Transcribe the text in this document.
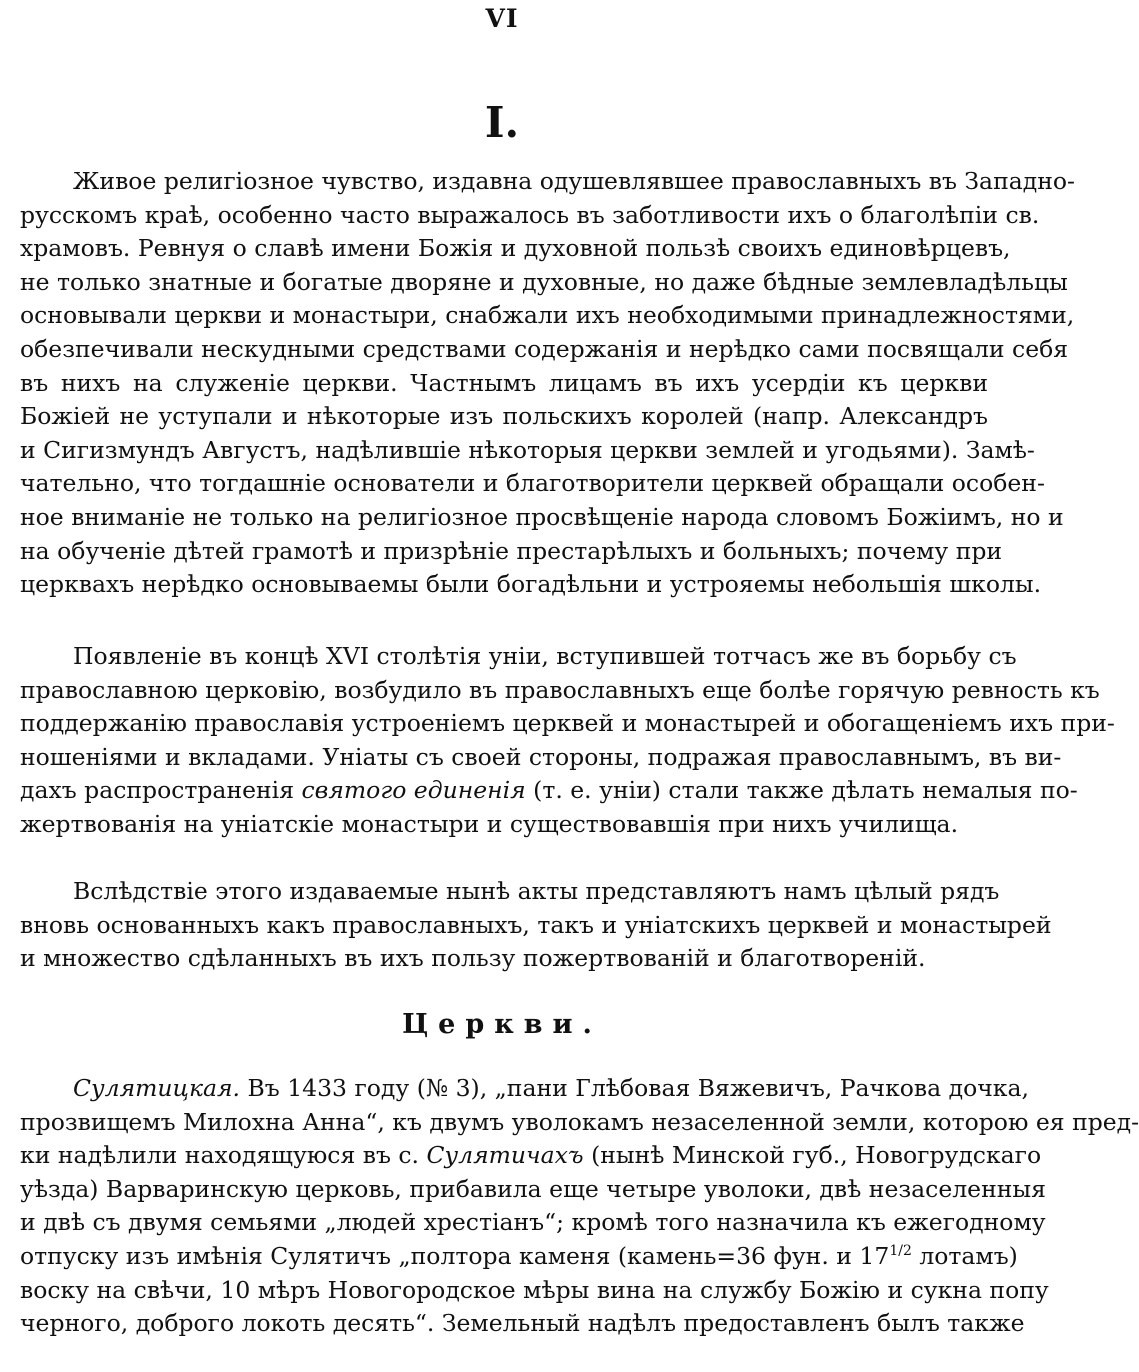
VI
I.
Живое религiозное чувство, издавна одушевлявшее православныхъ въ Западно-
русскомъ краѣ, особенно часто выражалось въ заботливости ихъ о благолѣпiи св.
храмовъ. Ревнуя о славѣ имени Божiя и духовной пользѣ своихъ единовѣрцевъ,
не только знатные и богатые дворяне и духовные, но даже бѣдные землевладѣльцы
основывали церкви и монастыри, снабжали ихъ необходимыми принадлежностями,
обезпечивали нескудными средствами содержанiя и нерѣдко сами посвящали себя
въ нихъ на служенiе церкви. Частнымъ лицамъ въ ихъ усердiи къ церкви
Божiей не уступали и нѣкоторые изъ польскихъ королей (напр. Александръ
и Сигизмундъ Августъ, надѣлившiе нѣкоторыя церкви землей и угодьями). Замѣ-
чательно, что тогдашнiе основатели и благотворители церквей обращали особен-
ное вниманiе не только на религiозное просвѣщенiе народа словомъ Божiимъ, но и
на обученiе дѣтей грамотѣ и призрѣнiе престарѣлыхъ и больныхъ; почему при
церквахъ нерѣдко основываемы были богадѣльни и устрояемы небольшiя школы.
Появленiе въ концѣ XVI столѣтiя унiи, вступившей тотчасъ же въ борьбу съ
православною церковiю, возбудило въ православныхъ еще болѣе горячую ревность къ
поддержанiю православiя устроенiемъ церквей и монастырей и обогащенiемъ ихъ при-
ношенiями и вкладами. Унiаты съ своей стороны, подражая православнымъ, въ ви-
дахъ распространенiя святого единенiя (т. е. унiи) стали также дѣлать немалыя по-
жертвованiя на унiатскiе монастыри и существовавшiя при нихъ училища.
Вслѣдствiе этого издаваемые нынѣ акты представляютъ намъ цѣлый рядъ
вновь основанныхъ какъ православныхъ, такъ и унiатскихъ церквей и монастырей
и множество сдѣланныхъ въ ихъ пользу пожертвованiй и благотворенiй.
Церкви.
Сулятицкая. Въ 1433 году (№ 3), „пани Глѣбовая Вяжевичъ, Рачкова дочка,
прозвищемъ Милохна Анна“, къ двумъ уволокамъ незаселенной земли, которою ея пред-
ки надѣлили находящуюся въ с. Сулятичахъ (нынѣ Минской губ., Новогрудскаго
уѣзда) Варваринскую церковь, прибавила еще четыре уволоки, двѣ незаселенныя
и двѣ съ двумя семьями „людей хрестiанъ“; кромѣ того назначила къ ежегодному
отпуску изъ имѣнiя Сулятичъ „полтора каменя (камень=36 фун. и $17^{1/2}$ лотамъ)
воску на свѣчи, 10 мѣръ Новогородское мѣры вина на службу Божiю и сукна попу
черного, доброго локоть десять“. Земельный надѣлъ предоставленъ былъ также
